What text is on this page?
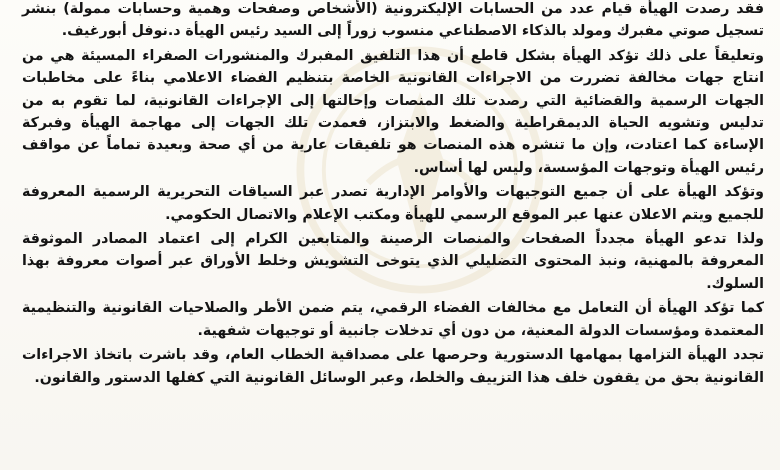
فقد رصدت الهيأة قيام عدد من الحسابات الإليكترونية (الأشخاص وصفحات وهمية وحسابات ممولة) بنشر تسجيل صوتي مفبرك ومولد بالذكاء الاصطناعي منسوب زوراً إلى السيد رئيس الهيأة د.نوفل أبورغيف.

وتعليقاً على ذلك تؤكد الهيأة بشكل قاطع أن هذا التلفيق المفبرك والمنشورات الصفراء المسيئة هي من انتاج جهات مخالفة تضررت من الاجراءات القانونية الخاصة بتنظيم الفضاء الاعلامي بناءً على مخاطبات الجهات الرسمية والقضائية التي رصدت تلك المنصات وإحالتها إلى الإجراءات القانونية، لما تقوم به من تدليس وتشويه الحياة الديمقراطية والضغط والابتزاز، فعمدت تلك الجهات إلى مهاجمة الهيأة وفبركة الإساءة كما اعتادت، وإن ما تنشره هذه المنصات هو تلفيقات عارية من أي صحة وبعيدة تماماً عن مواقف رئيس الهيأة وتوجهات المؤسسة، وليس لها أساس.

وتؤكد الهيأة على أن جميع التوجيهات والأوامر الإدارية تصدر عبر السياقات التحريرية الرسمية المعروفة للجميع ويتم الاعلان عنها عبر الموقع الرسمي للهيأة ومكتب الإعلام والاتصال الحكومي.

ولذا تدعو الهيأة مجدداً الصفحات والمنصات الرصينة والمتابعين الكرام إلى اعتماد المصادر الموثوقة المعروفة بالمهنية، ونبذ المحتوى التضليلي الذي يتوخى التشويش وخلط الأوراق عبر أصوات معروفة بهذا السلوك.

كما تؤكد الهيأة أن التعامل مع مخالفات الفضاء الرقمي، يتم ضمن الأطر والصلاحيات القانونية والتنظيمية المعتمدة ومؤسسات الدولة المعنية، من دون أي تدخلات جانبية أو توجيهات شفهية.

تجدد الهيأة التزامها بمهامها الدستورية وحرصها على مصداقية الخطاب العام، وقد باشرت باتخاذ الاجراءات القانونية بحق من يقفون خلف هذا التزييف والخلط، وعبر الوسائل القانونية التي كفلها الدستور والقانون.
